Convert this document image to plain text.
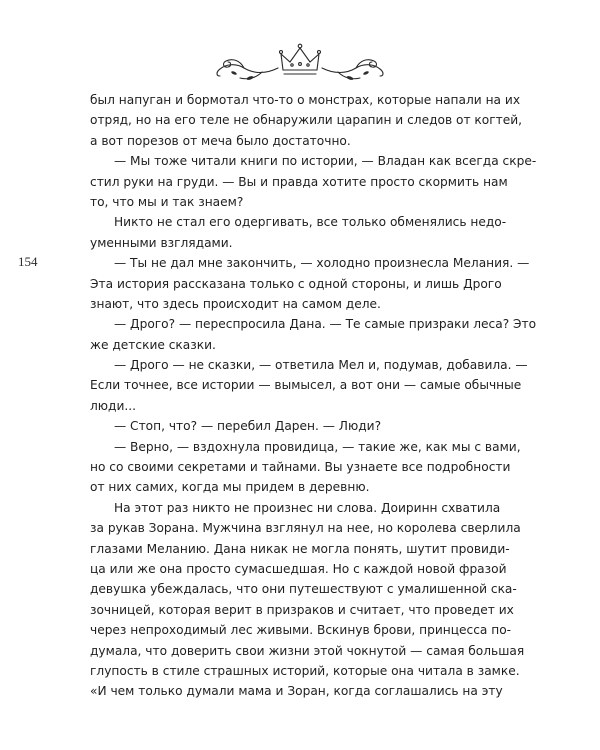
154
был напуган и бормотал что-то о монстрах, которые напали на их
отряд, но на его теле не обнаружили царапин и следов от когтей,
а вот порезов от меча было достаточно.
— Мы тоже читали книги по истории, — Владан как всегда скре-
стил руки на груди. — Вы и правда хотите просто скормить нам
то, что мы и так знаем?
Никто не стал его одергивать, все только обменялись недо-
уменными взглядами.
— Ты не дал мне закончить, — холодно произнесла Мелания. —
Эта история рассказана только с одной стороны, и лишь Дрого
знают, что здесь происходит на самом деле.
— Дрого? — переспросила Дана. — Те самые призраки леса? Это
же детские сказки.
— Дрого — не сказки, — ответила Мел и, подумав, добавила. —
Если точнее, все истории — вымысел, а вот они — самые обычные
люди...
— Стоп, что? — перебил Дарен. — Люди?
— Верно, — вздохнула провидица, — такие же, как мы с вами,
но со своими секретами и тайнами. Вы узнаете все подробности
от них самих, когда мы придем в деревню.
На этот раз никто не произнес ни слова. Доиринн схватила
за рукав Зорана. Мужчина взглянул на нее, но королева сверлила
глазами Меланию. Дана никак не могла понять, шутит провиди-
ца или же она просто сумасшедшая. Но с каждой новой фразой
девушка убеждалась, что они путешествуют с умалишенной ска-
зочницей, которая верит в призраков и считает, что проведет их
через непроходимый лес живыми. Вскинув брови, принцесса по-
думала, что доверить свои жизни этой чокнутой — самая большая
глупость в стиле страшных историй, которые она читала в замке.
«И чем только думали мама и Зоран, когда соглашались на эту
